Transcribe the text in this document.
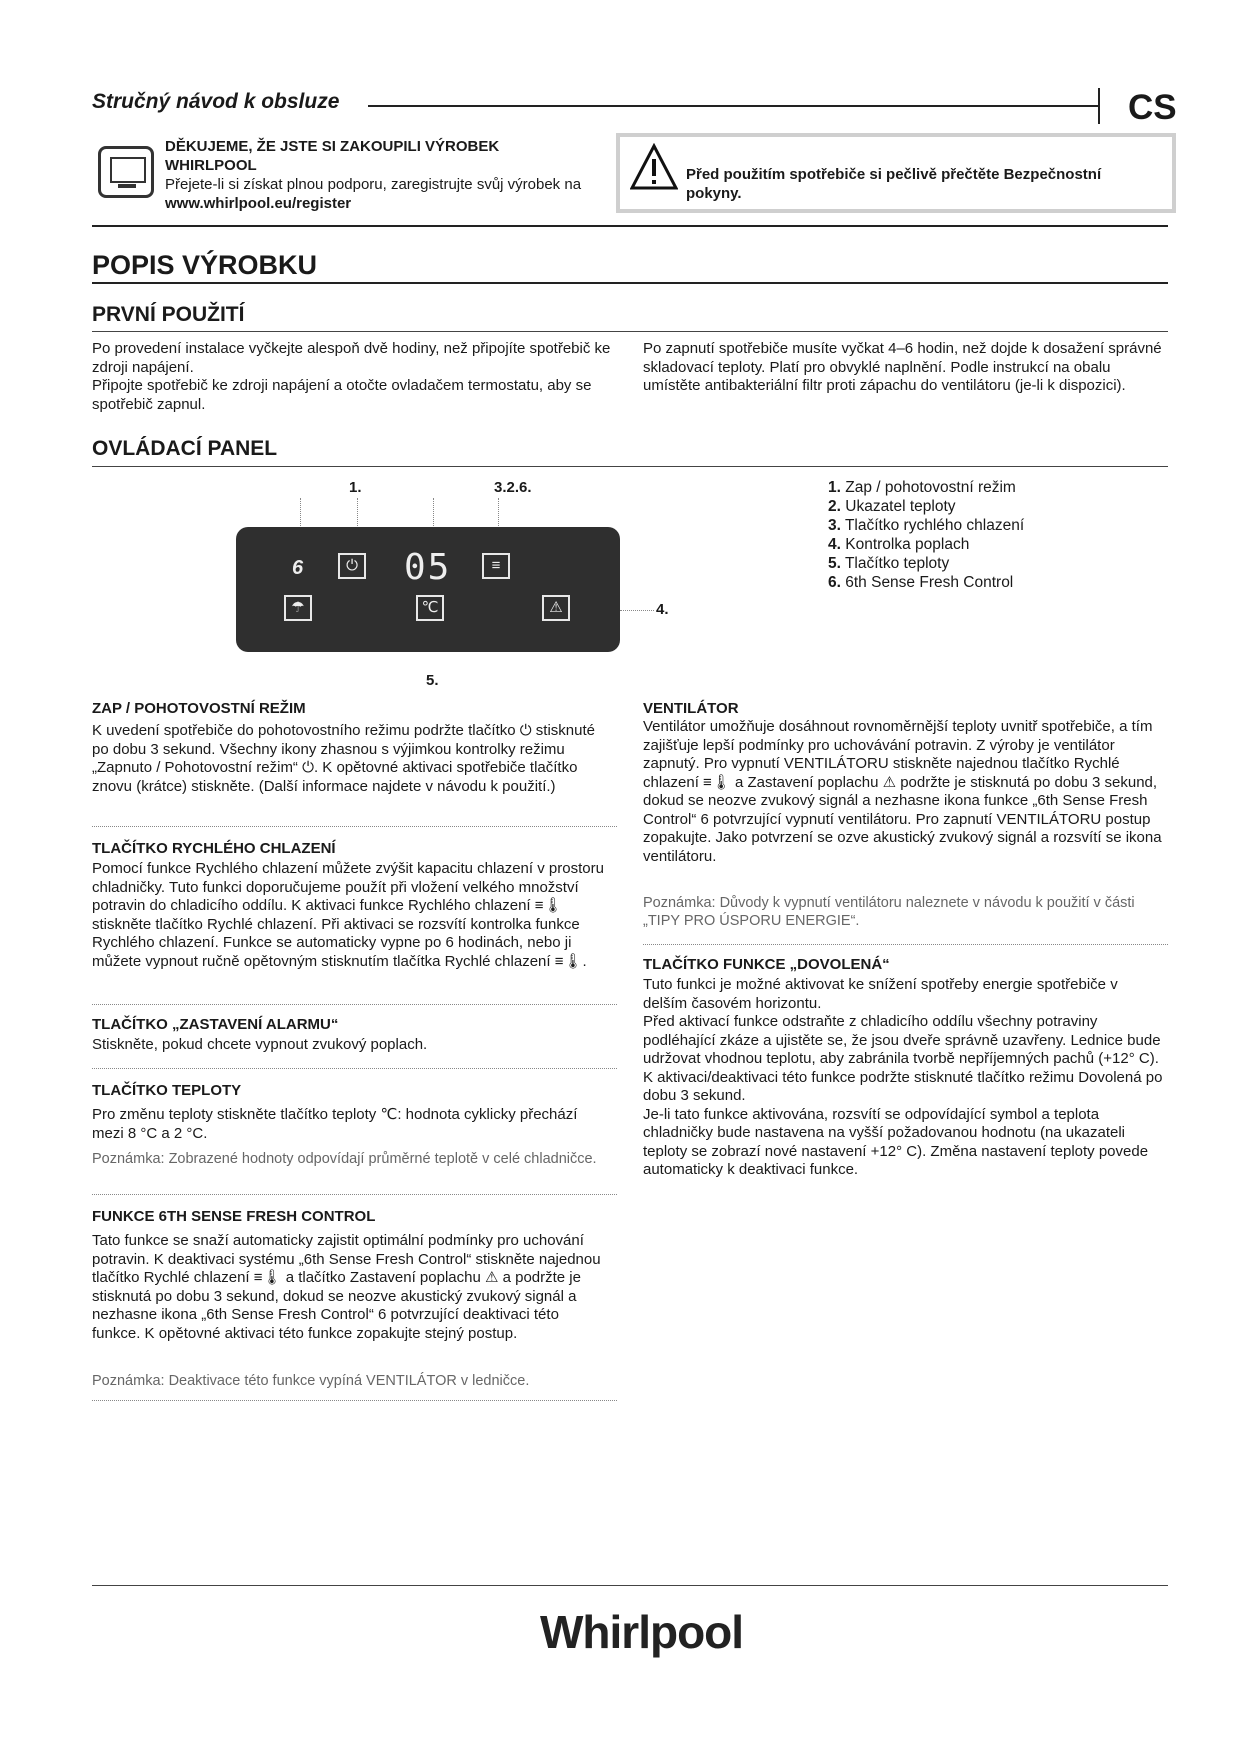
Stručný návod k obsluze	CS
DĚKUJEME, ŽE JSTE SI ZAKOUPILI VÝROBEK WHIRLPOOL
Přejete-li si získat plnou podporu, zaregistrujte svůj výrobek na www.whirlpool.eu/register
Před použitím spotřebiče si pečlivě přečtěte Bezpečnostní pokyny.
POPIS VÝROBKU
PRVNÍ POUŽITÍ
Po provedení instalace vyčkejte alespoň dvě hodiny, než připojíte spotřebič ke zdroji napájení.
Připojte spotřebič ke zdroji napájení a otočte ovladačem termostatu, aby se spotřebič zapnul.
Po zapnutí spotřebiče musíte vyčkat 4–6 hodin, než dojde k dosažení správné skladovací teploty. Platí pro obvyklé naplnění. Podle instrukcí na obalu umístěte antibakteriální filtr proti zápachu do ventilátoru (je-li k dispozici).
OVLÁDACÍ PANEL
1.	3.2.6.
6	⏻ 05	≡
☂	℃	⚠	4.
5.
1. Zap / pohotovostní režim
2. Ukazatel teploty
3. Tlačítko rychlého chlazení
4. Kontrolka poplach
5. Tlačítko teploty
6. 6th Sense Fresh Control
ZAP / POHOTOVOSTNÍ REŽIM
K uvedení spotřebiče do pohotovostního režimu podržte tlačítko ⏻ stisknuté po dobu 3 sekund. Všechny ikony zhasnou s výjimkou kontrolky režimu „Zapnuto / Pohotovostní režim“ ⏻. K opětovné aktivaci spotřebiče tlačítko znovu (krátce) stiskněte. (Další informace najdete v návodu k použití.)
TLAČÍTKO RYCHLÉHO CHLAZENÍ
Pomocí funkce Rychlého chlazení můžete zvýšit kapacitu chlazení v prostoru chladničky. Tuto funkci doporučujeme použít při vložení velkého množství potravin do chladicího oddílu. K aktivaci funkce Rychlého chlazení ≡🌡 stiskněte tlačítko Rychlé chlazení. Při aktivaci se rozsvítí kontrolka funkce Rychlého chlazení. Funkce se automaticky vypne po 6 hodinách, nebo ji můžete vypnout ručně opětovným stisknutím tlačítka Rychlé chlazení ≡🌡.
TLAČÍTKO „ZASTAVENÍ ALARMU“
Stiskněte, pokud chcete vypnout zvukový poplach.
TLAČÍTKO TEPLOTY
Pro změnu teploty stiskněte tlačítko teploty ℃: hodnota cyklicky přechází mezi 8 °C a 2 °C.
Poznámka: Zobrazené hodnoty odpovídají průměrné teplotě v celé chladničce.
FUNKCE 6TH SENSE FRESH CONTROL
Tato funkce se snaží automaticky zajistit optimální podmínky pro uchování potravin. K deaktivaci systému „6th Sense Fresh Control“ stiskněte najednou tlačítko Rychlé chlazení ≡🌡 a tlačítko Zastavení poplachu ⚠ a podržte je stisknutá po dobu 3 sekund, dokud se neozve akustický zvukový signál a nezhasne ikona „6th Sense Fresh Control“ 6 potvrzující deaktivaci této funkce. K opětovné aktivaci této funkce zopakujte stejný postup.
Poznámka: Deaktivace této funkce vypíná VENTILÁTOR v ledničce.
VENTILÁTOR
Ventilátor umožňuje dosáhnout rovnoměrnější teploty uvnitř spotřebiče, a tím zajišťuje lepší podmínky pro uchovávání potravin. Z výroby je ventilátor zapnutý. Pro vypnutí VENTILÁTORU stiskněte najednou tlačítko Rychlé chlazení ≡🌡 a Zastavení poplachu ⚠ podržte je stisknutá po dobu 3 sekund, dokud se neozve zvukový signál a nezhasne ikona funkce „6th Sense Fresh Control“ 6 potvrzující vypnutí ventilátoru. Pro zapnutí VENTILÁTORU postup zopakujte. Jako potvrzení se ozve akustický zvukový signál a rozsvítí se ikona ventilátoru.
Poznámka: Důvody k vypnutí ventilátoru naleznete v návodu k použití v části „TIPY PRO ÚSPORU ENERGIE“.
TLAČÍTKO FUNKCE „DOVOLENÁ“
Tuto funkci je možné aktivovat ke snížení spotřeby energie spotřebiče v delším časovém horizontu.
Před aktivací funkce odstraňte z chladicího oddílu všechny potraviny podléhající zkáze a ujistěte se, že jsou dveře správně uzavřeny. Lednice bude udržovat vhodnou teplotu, aby zabránila tvorbě nepříjemných pachů (+12° C). K aktivaci/deaktivaci této funkce podržte stisknuté tlačítko režimu Dovolená po dobu 3 sekund.
Je-li tato funkce aktivována, rozsvítí se odpovídající symbol a teplota chladničky bude nastavena na vyšší požadovanou hodnotu (na ukazateli teploty se zobrazí nové nastavení +12° C). Změna nastavení teploty povede automaticky k deaktivaci funkce.
Whirlpool
